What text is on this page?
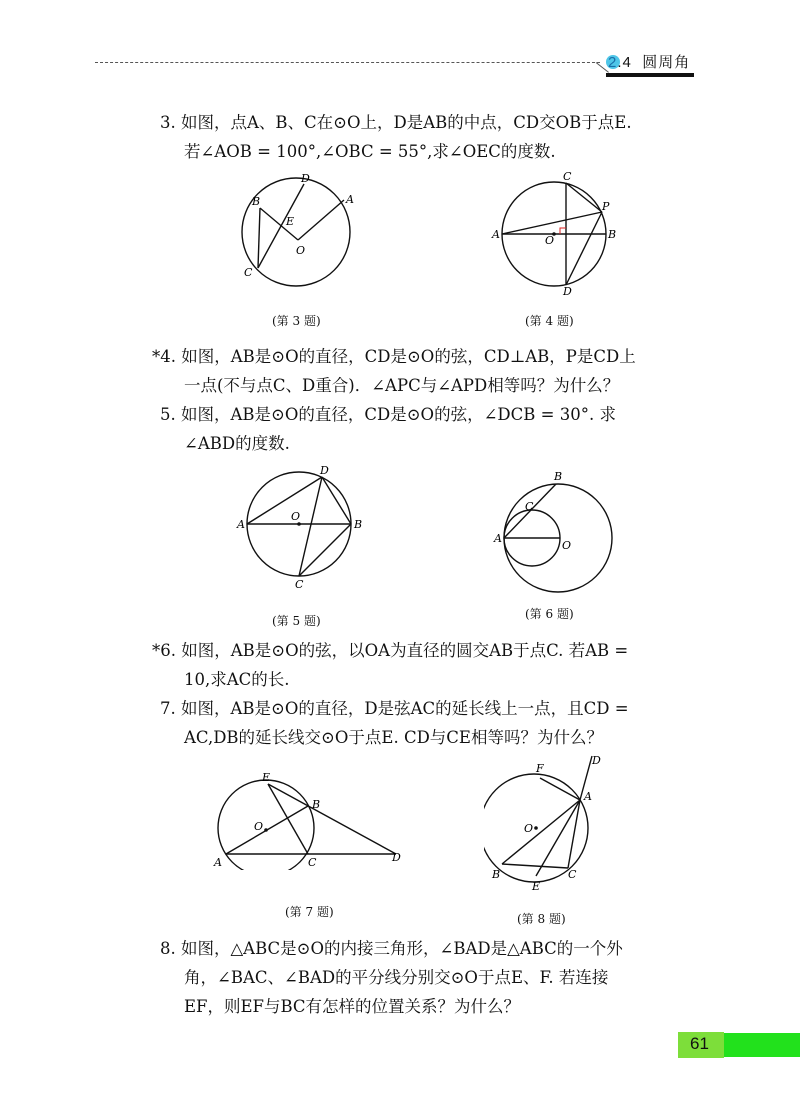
2.4 圆周角
3. 如图，点A、B、C在⊙O上，D是AB的中点，CD交OB于点E.
若∠AOB = 100°,∠OBC = 55°,求∠OEC的度数.
D
A
B
E
O
C
(第 3 题)
C
P
A	O	B
D
(第 4 题)
*4. 如图，AB是⊙O的直径，CD是⊙O的弦，CD⊥AB，P是CD上
一点(不与点C、D重合)．∠APC与∠APD相等吗？为什么？
5. 如图，AB是⊙O的直径，CD是⊙O的弦，∠DCB = 30°. 求
∠ABD的度数.
D
A
O
B
C
(第 5 题)
B
C
A
O
(第 6 题)
*6. 如图，AB是⊙O的弦，以OA为直径的圆交AB于点C. 若AB =
10,求AC的长.
7. 如图，AB是⊙O的直径，D是弦AC的延长线上一点，且CD =
AC,DB的延长线交⊙O于点E. CD与CE相等吗？为什么？
E
B
O
A	C	D
(第 7 题)
F
D
A
O
B
E
C
(第 8 题)
8. 如图，△ABC是⊙O的内接三角形，∠BAD是△ABC的一个外
角，∠BAC、∠BAD的平分线分别交⊙O于点E、F. 若连接
EF，则EF与BC有怎样的位置关系？为什么？
61
